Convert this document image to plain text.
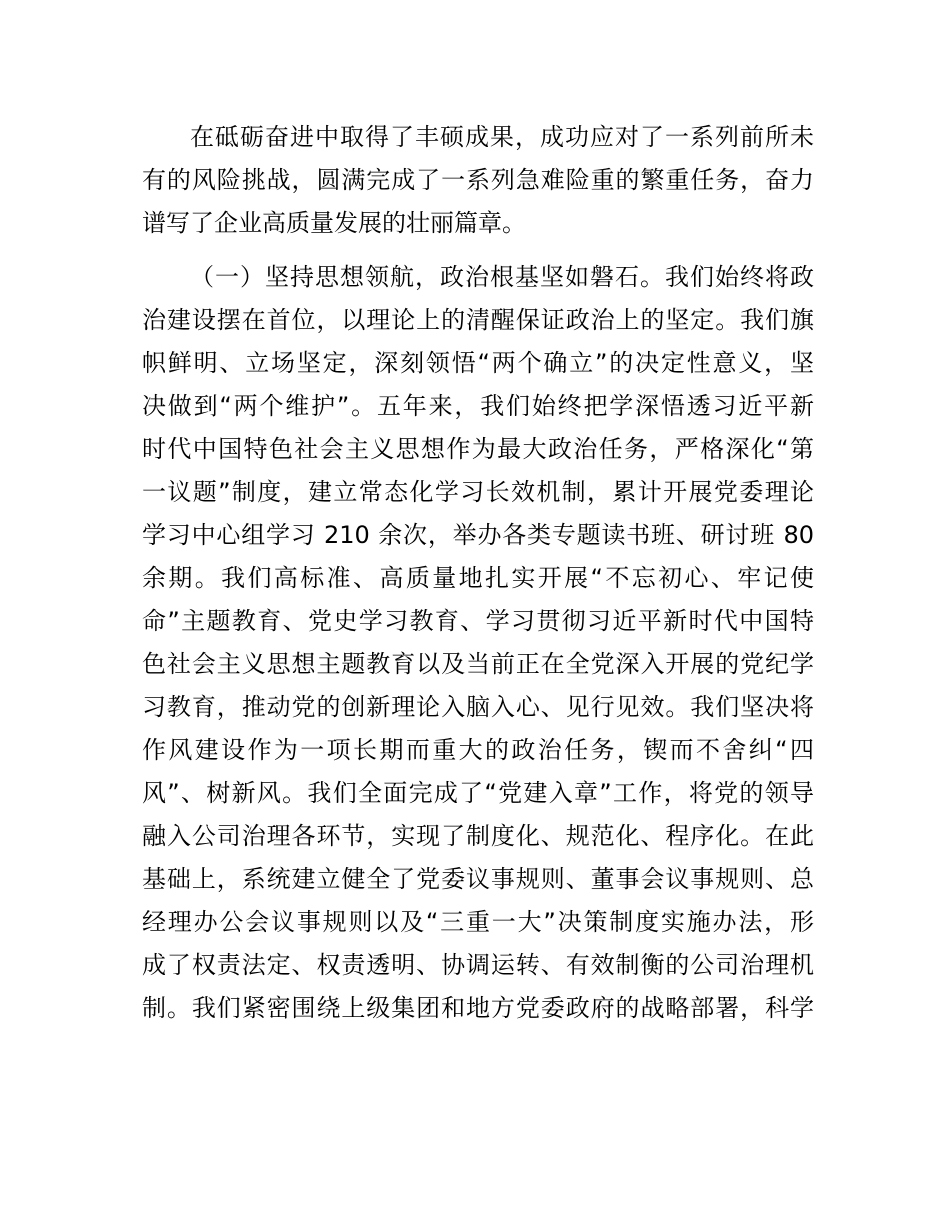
在砥砺奋进中取得了丰硕成果，成功应对了一系列前所未
有的风险挑战，圆满完成了一系列急难险重的繁重任务，奋力
谱写了企业高质量发展的壮丽篇章。
（一）坚持思想领航，政治根基坚如磐石。我们始终将政
治建设摆在首位，以理论上的清醒保证政治上的坚定。我们旗
帜鲜明、立场坚定，深刻领悟“两个确立”的决定性意义，坚
决做到“两个维护”。五年来，我们始终把学深悟透习近平新
时代中国特色社会主义思想作为最大政治任务，严格深化“第
一议题”制度，建立常态化学习长效机制，累计开展党委理论
学习中心组学习 210 余次，举办各类专题读书班、研讨班 80
余期。我们高标准、高质量地扎实开展“不忘初心、牢记使
命”主题教育、党史学习教育、学习贯彻习近平新时代中国特
色社会主义思想主题教育以及当前正在全党深入开展的党纪学
习教育，推动党的创新理论入脑入心、见行见效。我们坚决将
作风建设作为一项长期而重大的政治任务，锲而不舍纠“四
风”、树新风。我们全面完成了“党建入章”工作，将党的领导
融入公司治理各环节，实现了制度化、规范化、程序化。在此
基础上，系统建立健全了党委议事规则、董事会议事规则、总
经理办公会议事规则以及“三重一大”决策制度实施办法，形
成了权责法定、权责透明、协调运转、有效制衡的公司治理机
制。我们紧密围绕上级集团和地方党委政府的战略部署，科学
